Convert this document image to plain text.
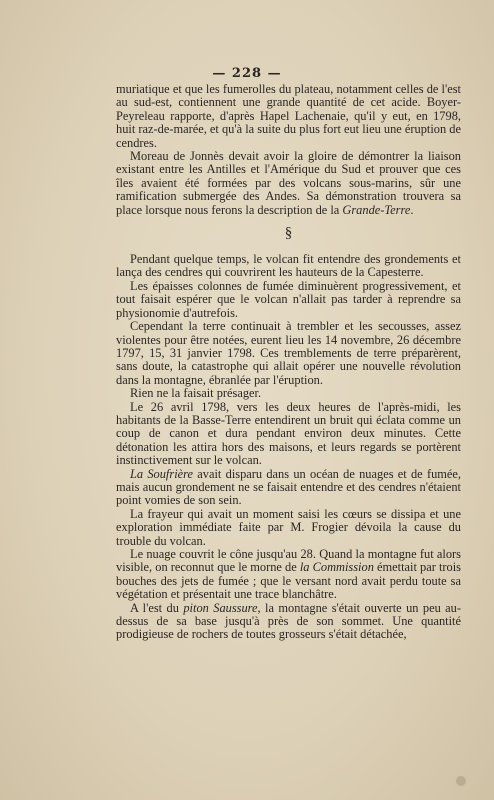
— 228 —

muriatique et que les fumerolles du plateau, notamment celles de l'est au sud-est, contiennent une grande quantité de cet acide. Boyer-Peyreleau rapporte, d'après Hapel Lachenaie, qu'il y eut, en 1798, huit raz-de-marée, et qu'à la suite du plus fort eut lieu une éruption de cendres.

Moreau de Jonnès devait avoir la gloire de démontrer la liaison existant entre les Antilles et l'Amérique du Sud et prouver que ces îles avaient été formées par des volcans sous-marins, sûr une ramification submergée des Andes. Sa démonstration trouvera sa place lorsque nous ferons la description de la Grande-Terre.

§

Pendant quelque temps, le volcan fit entendre des grondements et lança des cendres qui couvrirent les hauteurs de la Capesterre.

Les épaisses colonnes de fumée diminuèrent progressivement, et tout faisait espérer que le volcan n'allait pas tarder à reprendre sa physionomie d'autrefois.

Cependant la terre continuait à trembler et les secousses, assez violentes pour être notées, eurent lieu les 14 novembre, 26 décembre 1797, 15, 31 janvier 1798. Ces tremblements de terre préparèrent, sans doute, la catastrophe qui allait opérer une nouvelle révolution dans la montagne, ébranlée par l'éruption.

Rien ne la faisait présager.

Le 26 avril 1798, vers les deux heures de l'après-midi, les habitants de la Basse-Terre entendirent un bruit qui éclata comme un coup de canon et dura pendant environ deux minutes. Cette détonation les attira hors des maisons, et leurs regards se portèrent instinctivement sur le volcan.

La Soufrière avait disparu dans un océan de nuages et de fumée, mais aucun grondement ne se faisait entendre et des cendres n'étaient point vomies de son sein.

La frayeur qui avait un moment saisi les cœurs se dissipa et une exploration immédiate faite par M. Frogier dévoila la cause du trouble du volcan.

Le nuage couvrit le cône jusqu'au 28. Quand la montagne fut alors visible, on reconnut que le morne de la Commission émettait par trois bouches des jets de fumée ; que le versant nord avait perdu toute sa végétation et présentait une trace blanchâtre.

A l'est du piton Saussure, la montagne s'était ouverte un peu au-dessus de sa base jusqu'à près de son sommet. Une quantité prodigieuse de rochers de toutes grosseurs s'était détachée,
